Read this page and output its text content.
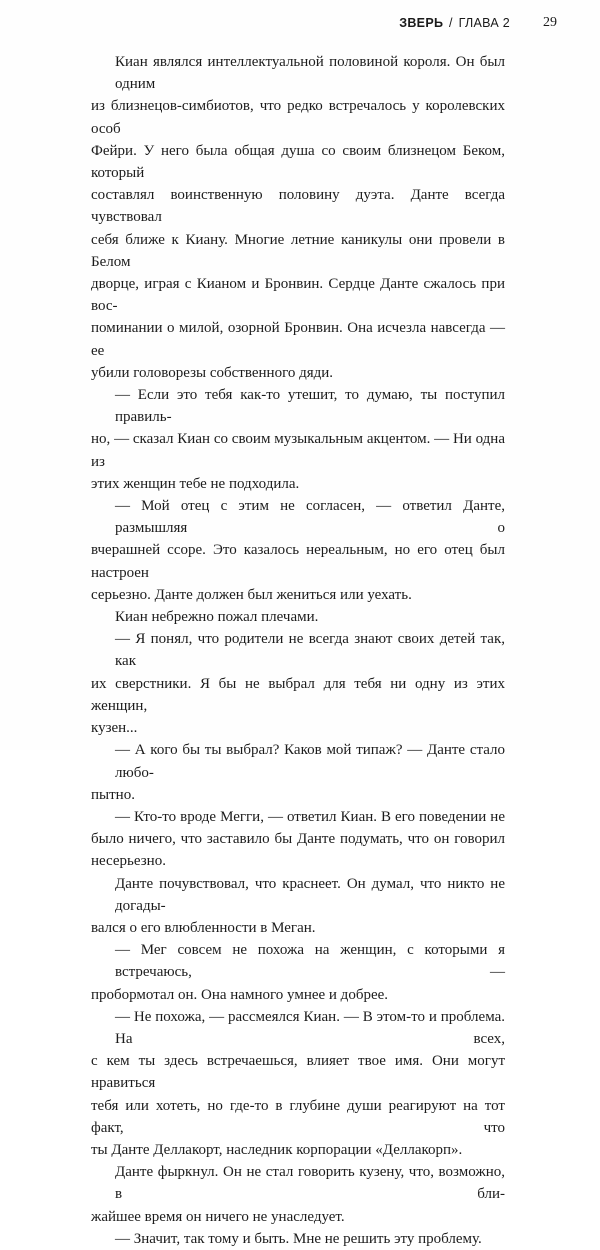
ЗВЕРЬ / ГЛАВА 2 29

Киан являлся интеллектуальной половиной короля. Он был одним
из близнецов-симбиотов, что редко встречалось у королевских особ
Фейри. У него была общая душа со своим близнецом Беком, который
составлял воинственную половину дуэта. Данте всегда чувствовал
себя ближе к Киану. Многие летние каникулы они провели в Белом
дворце, играя с Кианом и Бронвин. Сердце Данте сжалось при вос-
поминании о милой, озорной Бронвин. Она исчезла навсегда — ее
убили головорезы собственного дяди.

— Если это тебя как-то утешит, то думаю, ты поступил правиль-
но, — сказал Киан со своим музыкальным акцентом. — Ни одна из
этих женщин тебе не подходила.

— Мой отец с этим не согласен, — ответил Данте, размышляя о
вчерашней ссоре. Это казалось нереальным, но его отец был настроен
серьезно. Данте должен был жениться или уехать.

Киан небрежно пожал плечами.

— Я понял, что родители не всегда знают своих детей так, как
их сверстники. Я бы не выбрал для тебя ни одну из этих женщин,
кузен...

— А кого бы ты выбрал? Каков мой типаж? — Данте стало любо-
пытно.

— Кто-то вроде Мегги, — ответил Киан. В его поведении не
было ничего, что заставило бы Данте подумать, что он говорил
несерьезно.

Данте почувствовал, что краснеет. Он думал, что никто не догады-
вался о его влюбленности в Меган.

— Мег совсем не похожа на женщин, с которыми я встречаюсь, —
пробормотал он. Она намного умнее и добрее.

— Не похожа, — рассмеялся Киан. — В этом-то и проблема. На всех,
с кем ты здесь встречаешься, влияет твое имя. Они могут нравиться
тебя или хотеть, но где-то в глубине души реагируют на тот факт, что
ты Данте Деллакорт, наследник корпорации «Деллакорп».

Данте фыркнул. Он не стал говорить кузену, что, возможно, в бли-
жайшее время он ничего не унаследует.

— Значит, так тому и быть. Мне не решить эту проблему.
